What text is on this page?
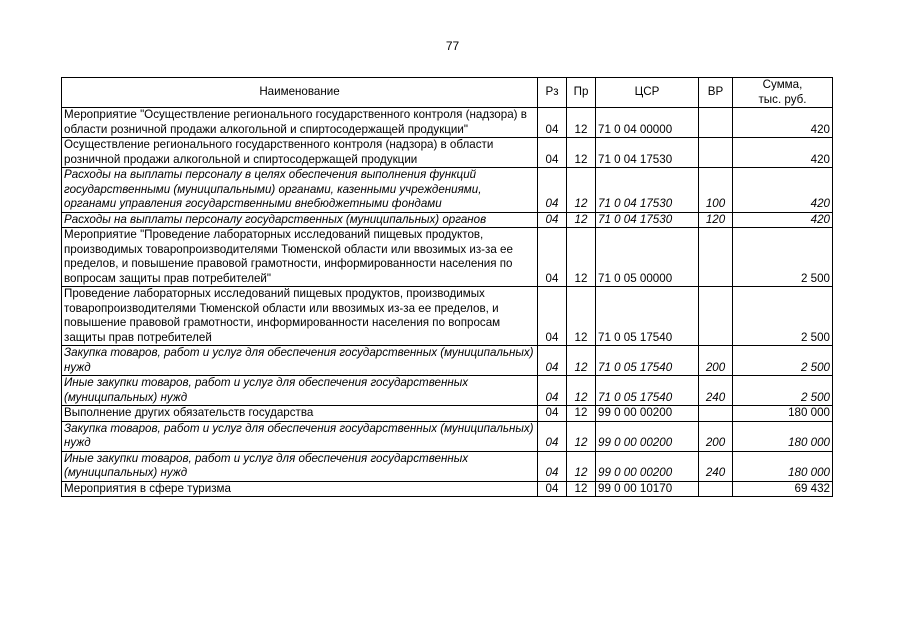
77
Наименование	Рз	Пр	ЦСР	ВР	Сумма,
тыс. руб.

Мероприятие "Осуществление регионального государственного контроля (надзора) в области розничной продажи алкогольной и спиртосодержащей продукции"	04	12	71 0 04 00000		420
Осуществление регионального государственного контроля (надзора) в области розничной продажи алкогольной и спиртосодержащей продукции	04	12	71 0 04 17530		420
Расходы на выплаты персоналу в целях обеспечения выполнения функций государственными (муниципальными) органами, казенными учреждениями, органами управления государственными внебюджетными фондами	04	12	71 0 04 17530	100	420
Расходы на выплаты персоналу государственных (муниципальных) органов	04	12	71 0 04 17530	120	420
Мероприятие "Проведение лабораторных исследований пищевых продуктов, производимых товаропроизводителями Тюменской области или ввозимых из-за ее пределов, и повышение правовой грамотности, информированности населения по вопросам защиты прав потребителей"	04	12	71 0 05 00000		2 500
Проведение лабораторных исследований пищевых продуктов, производимых товаропроизводителями Тюменской области или ввозимых из-за ее пределов, и повышение правовой грамотности, информированности населения по вопросам защиты прав потребителей	04	12	71 0 05 17540		2 500
Закупка товаров, работ и услуг для обеспечения государственных (муниципальных) нужд	04	12	71 0 05 17540	200	2 500
Иные закупки товаров, работ и услуг для обеспечения государственных (муниципальных) нужд	04	12	71 0 05 17540	240	2 500
Выполнение других обязательств государства	04	12	99 0 00 00200		180 000
Закупка товаров, работ и услуг для обеспечения государственных (муниципальных) нужд	04	12	99 0 00 00200	200	180 000
Иные закупки товаров, работ и услуг для обеспечения государственных (муниципальных) нужд	04	12	99 0 00 00200	240	180 000
Мероприятия в сфере туризма	04	12	99 0 00 10170		69 432
